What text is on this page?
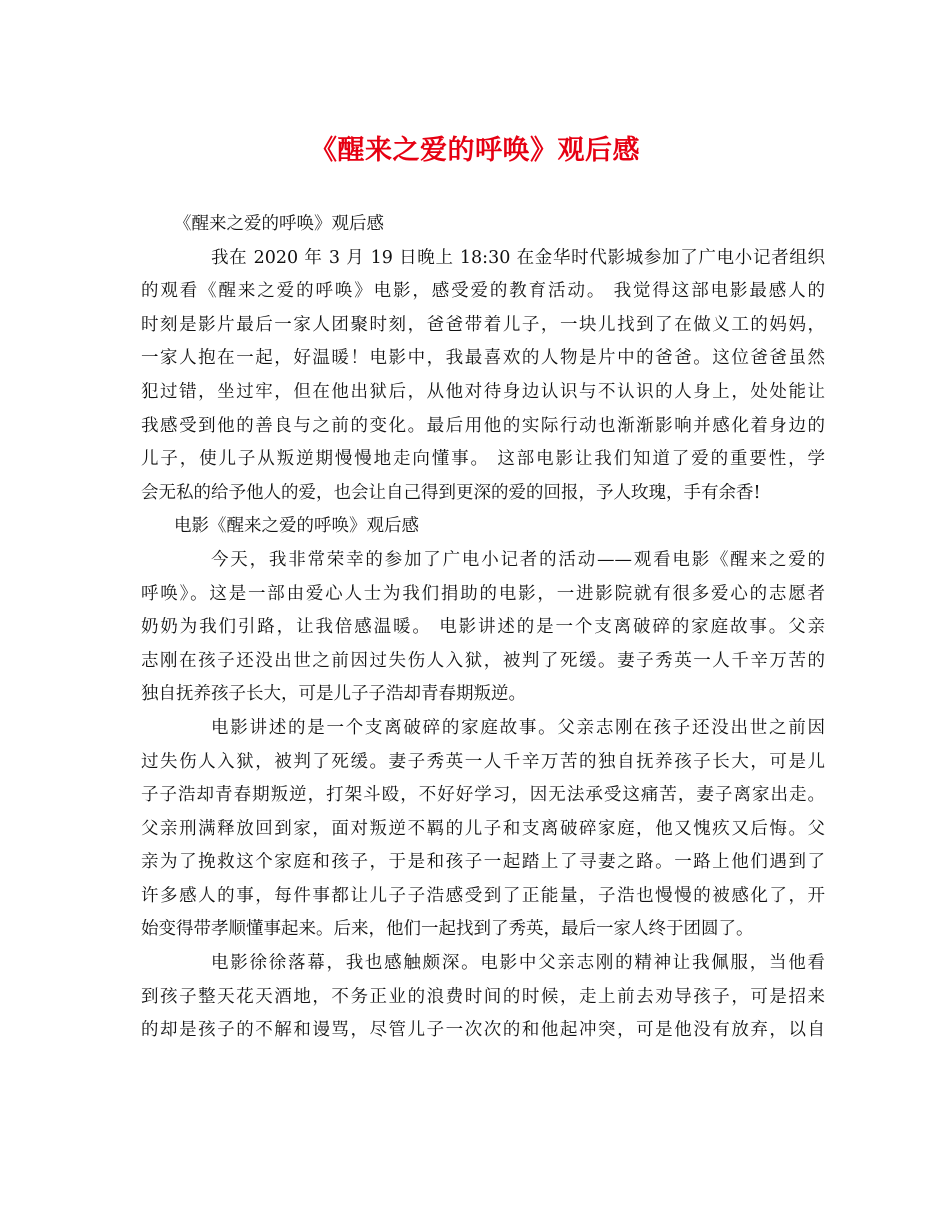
《醒来之爱的呼唤》观后感
《醒来之爱的呼唤》观后感
我在 2020 年 3 月 19 日晚上 18:30 在金华时代影城参加了广电小记者组织
的观看《醒来之爱的呼唤》电影，感受爱的教育活动。 我觉得这部电影最感人的
时刻是影片最后一家人团聚时刻，爸爸带着儿子，一块儿找到了在做义工的妈妈，
一家人抱在一起，好温暖！电影中，我最喜欢的人物是片中的爸爸。这位爸爸虽然
犯过错，坐过牢，但在他出狱后，从他对待身边认识与不认识的人身上，处处能让
我感受到他的善良与之前的变化。最后用他的实际行动也渐渐影响并感化着身边的
儿子，使儿子从叛逆期慢慢地走向懂事。 这部电影让我们知道了爱的重要性，学
会无私的给予他人的爱，也会让自己得到更深的爱的回报，予人玫瑰，手有余香!
电影《醒来之爱的呼唤》观后感
今天，我非常荣幸的参加了广电小记者的活动——观看电影《醒来之爱的
呼唤》。这是一部由爱心人士为我们捐助的电影，一进影院就有很多爱心的志愿者
奶奶为我们引路，让我倍感温暖。 电影讲述的是一个支离破碎的家庭故事。父亲
志刚在孩子还没出世之前因过失伤人入狱，被判了死缓。妻子秀英一人千辛万苦的
独自抚养孩子长大，可是儿子子浩却青春期叛逆。
电影讲述的是一个支离破碎的家庭故事。父亲志刚在孩子还没出世之前因
过失伤人入狱，被判了死缓。妻子秀英一人千辛万苦的独自抚养孩子长大，可是儿
子子浩却青春期叛逆，打架斗殴，不好好学习，因无法承受这痛苦，妻子离家出走。
父亲刑满释放回到家，面对叛逆不羁的儿子和支离破碎家庭，他又愧疚又后悔。父
亲为了挽救这个家庭和孩子，于是和孩子一起踏上了寻妻之路。一路上他们遇到了
许多感人的事，每件事都让儿子子浩感受到了正能量，子浩也慢慢的被感化了，开
始变得带孝顺懂事起来。后来，他们一起找到了秀英，最后一家人终于团圆了。
电影徐徐落幕，我也感触颇深。电影中父亲志刚的精神让我佩服，当他看
到孩子整天花天酒地，不务正业的浪费时间的时候，走上前去劝导孩子，可是招来
的却是孩子的不解和谩骂，尽管儿子一次次的和他起冲突，可是他没有放弃，以自
